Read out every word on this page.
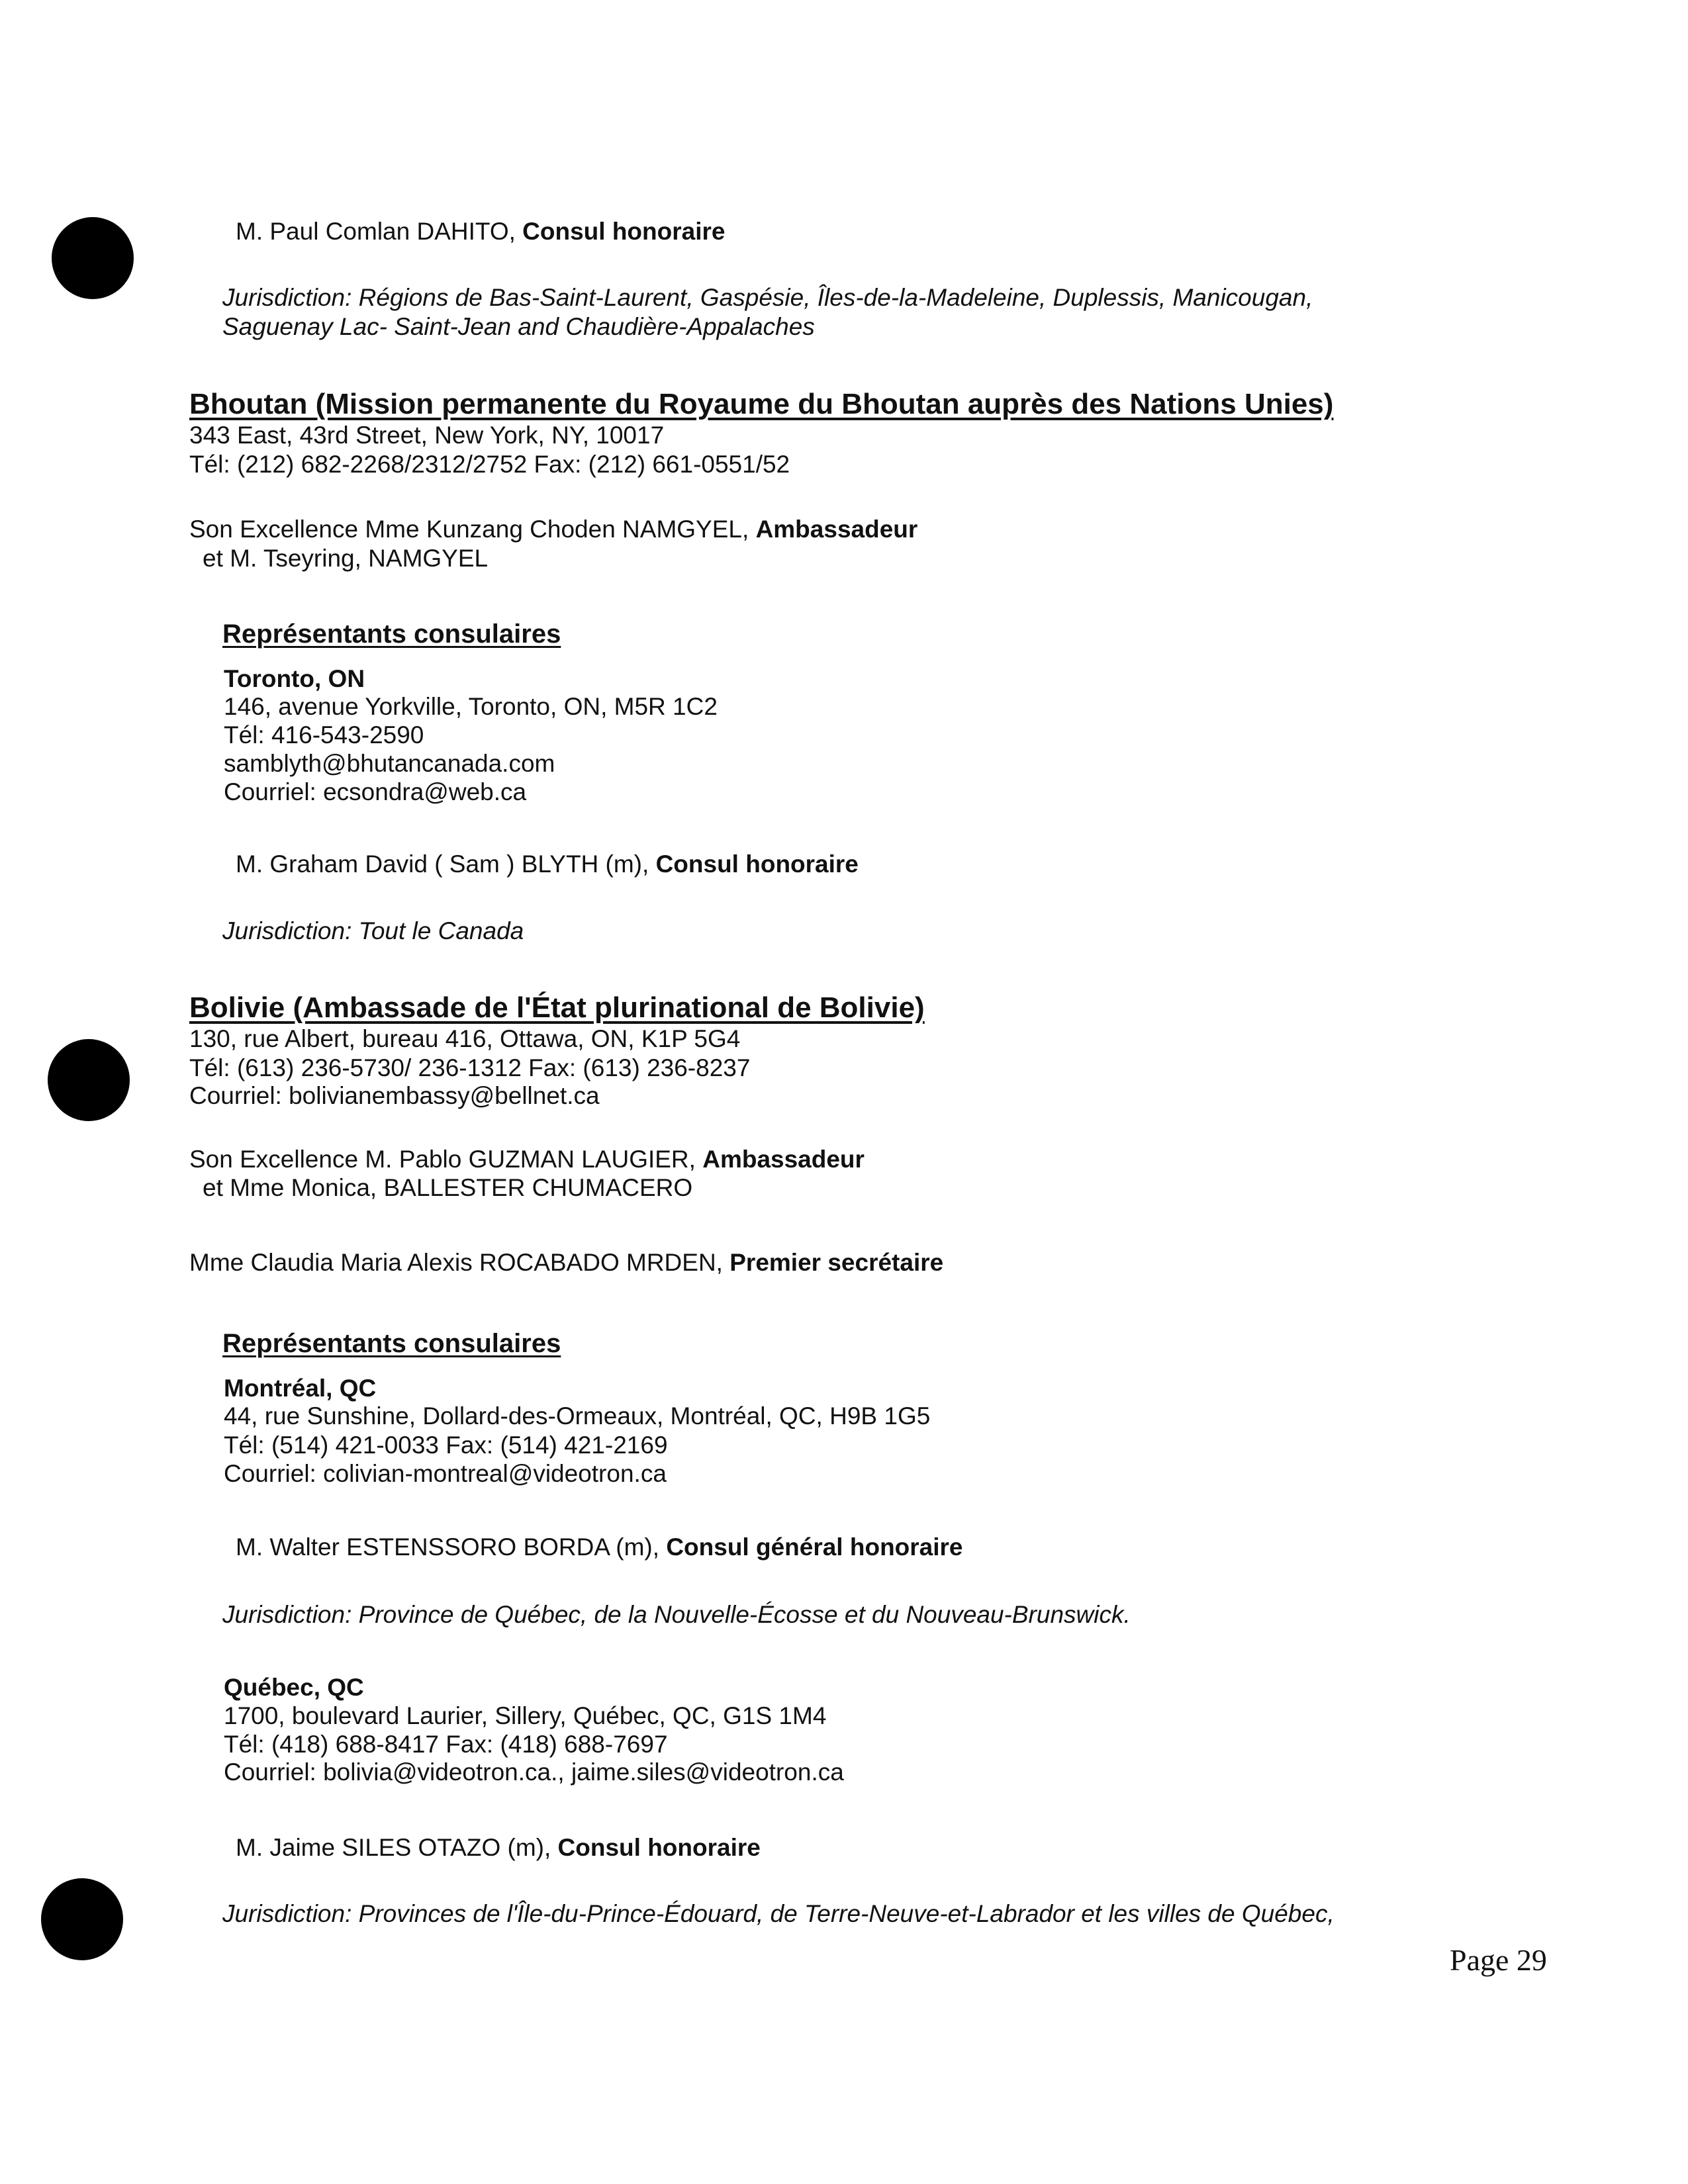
M. Paul Comlan DAHITO, Consul honoraire
Jurisdiction: Régions de Bas-Saint-Laurent, Gaspésie, Îles-de-la-Madeleine, Duplessis, Manicougan,
Saguenay Lac- Saint-Jean and Chaudière-Appalaches
Bhoutan (Mission permanente du Royaume du Bhoutan auprès des Nations Unies)
343 East, 43rd Street, New York, NY, 10017
Tél: (212) 682-2268/2312/2752 Fax: (212) 661-0551/52
Son Excellence Mme Kunzang Choden NAMGYEL, Ambassadeur
et M. Tseyring, NAMGYEL
Représentants consulaires
Toronto, ON
146, avenue Yorkville, Toronto, ON, M5R 1C2
Tél: 416-543-2590
samblyth@bhutancanada.com
Courriel: ecsondra@web.ca
M. Graham David ( Sam ) BLYTH (m), Consul honoraire
Jurisdiction: Tout le Canada
Bolivie (Ambassade de l'État plurinational de Bolivie)
130, rue Albert, bureau 416, Ottawa, ON, K1P 5G4
Tél: (613) 236-5730/ 236-1312 Fax: (613) 236-8237
Courriel: bolivianembassy@bellnet.ca
Son Excellence M. Pablo GUZMAN LAUGIER, Ambassadeur
et Mme Monica, BALLESTER CHUMACERO
Mme Claudia Maria Alexis ROCABADO MRDEN, Premier secrétaire
Représentants consulaires
Montréal, QC
44, rue Sunshine, Dollard-des-Ormeaux, Montréal, QC, H9B 1G5
Tél: (514) 421-0033 Fax: (514) 421-2169
Courriel: colivian-montreal@videotron.ca
M. Walter ESTENSSORO BORDA (m), Consul général honoraire
Jurisdiction: Province de Québec, de la Nouvelle-Écosse et du Nouveau-Brunswick.
Québec, QC
1700, boulevard Laurier, Sillery, Québec, QC, G1S 1M4
Tél: (418) 688-8417 Fax: (418) 688-7697
Courriel: bolivia@videotron.ca., jaime.siles@videotron.ca
M. Jaime SILES OTAZO (m), Consul honoraire
Jurisdiction: Provinces de l'Île-du-Prince-Édouard, de Terre-Neuve-et-Labrador et les villes de Québec,
Page 29
